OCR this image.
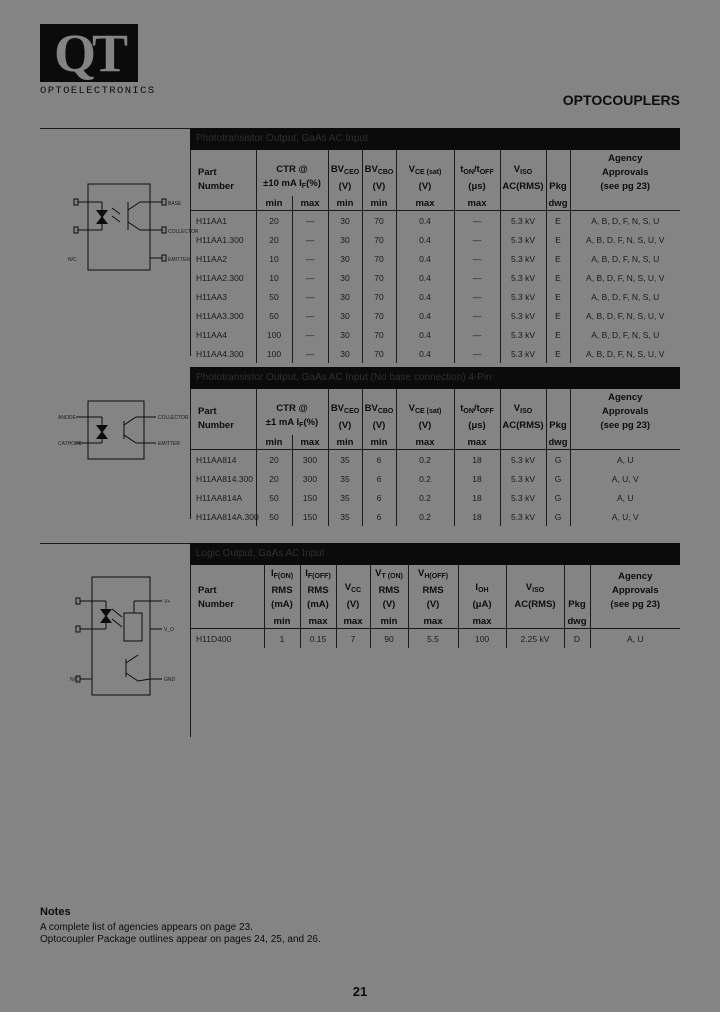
QT
OPTOELECTRONICS
OPTOCOUPLERS
BASE
COLLECTOR
EMITTER
N/C
Phototransistor Output, GaAs AC Input
Part
Number	CTR @
±10 mA $I_F(\%)$		$BV_{CEO}$
(V)	$BV_{CBO}$
(V)	$V_{CE (sat)}$
(V)	$t_{ON}/t_{OFF}$
(μs)	$V_{ISO}$
AC(RMS)	Pkg	Agency
Approvals
(see pg 23)
	min	max	min	min	max	max		dwg	
H11AA1	20	—	30	70	0.4	—	5.3 kV	E	A, B, D, F, N, S, U
H11AA1.300	20	—	30	70	0.4	—	5.3 kV	E	A, B, D, F, N, S, U, V
H11AA2	10	—	30	70	0.4	—	5.3 kV	E	A, B, D, F, N, S, U
H11AA2.300	10	—	30	70	0.4	—	5.3 kV	E	A, B, D, F, N, S, U, V
H11AA3	50	—	30	70	0.4	—	5.3 kV	E	A, B, D, F, N, S, U
H11AA3.300	50	—	30	70	0.4	—	5.3 kV	E	A, B, D, F, N, S, U, V
H11AA4	100	—	30	70	0.4	—	5.3 kV	E	A, B, D, F, N, S, U
H11AA4.300	100	—	30	70	0.4	—	5.3 kV	E	A, B, D, F, N, S, U, V
ANODE
CATHODE
COLLECTOR
EMITTER
Phototransistor Output, GaAs AC Input (No base connection) 4-Pin
Part
Number	CTR @
±1 mA $I_F(\%)$		$BV_{CEO}$
(V)	$BV_{CBO}$
(V)	$V_{CE (sat)}$
(V)	$t_{ON}/t_{OFF}$
(μs)	$V_{ISO}$
AC(RMS)	Pkg	Agency
Approvals
(see pg 23)
	min	max	min	min	max	max		dwg	
H11AA814	20	300	35	6	0.2	18	5.3 kV	G	A, U
H11AA814.300	20	300	35	6	0.2	18	5.3 kV	G	A, U, V
H11AA814A	50	150	35	6	0.2	18	5.3 kV	G	A, U
H11AA814A.300	50	150	35	6	0.2	18	5.3 kV	G	A, U, V
V+
GND
V_O
N/C
Logic Output, GaAs AC Input
Part
Number	$I_{F(ON)}$
RMS
(mA)	$I_{F(OFF)}$
RMS
(mA)	$V_{CC}$
(V)	$V_{T (ON)}$
RMS
(V)	$V_{H(OFF)}$
RMS
(V)	$I_{OH}$
(μA)	$V_{ISO}$
AC(RMS)	Pkg	Agency
Approvals
(see pg 23)
	min	max	max	min	max	max		dwg	
H11D400	1	0.15	7	90	5.5	100	2.25 kV	D	A, U
Notes
A complete list of agencies appears on page 23.
Optocoupler Package outlines appear on pages 24, 25, and 26.
21
